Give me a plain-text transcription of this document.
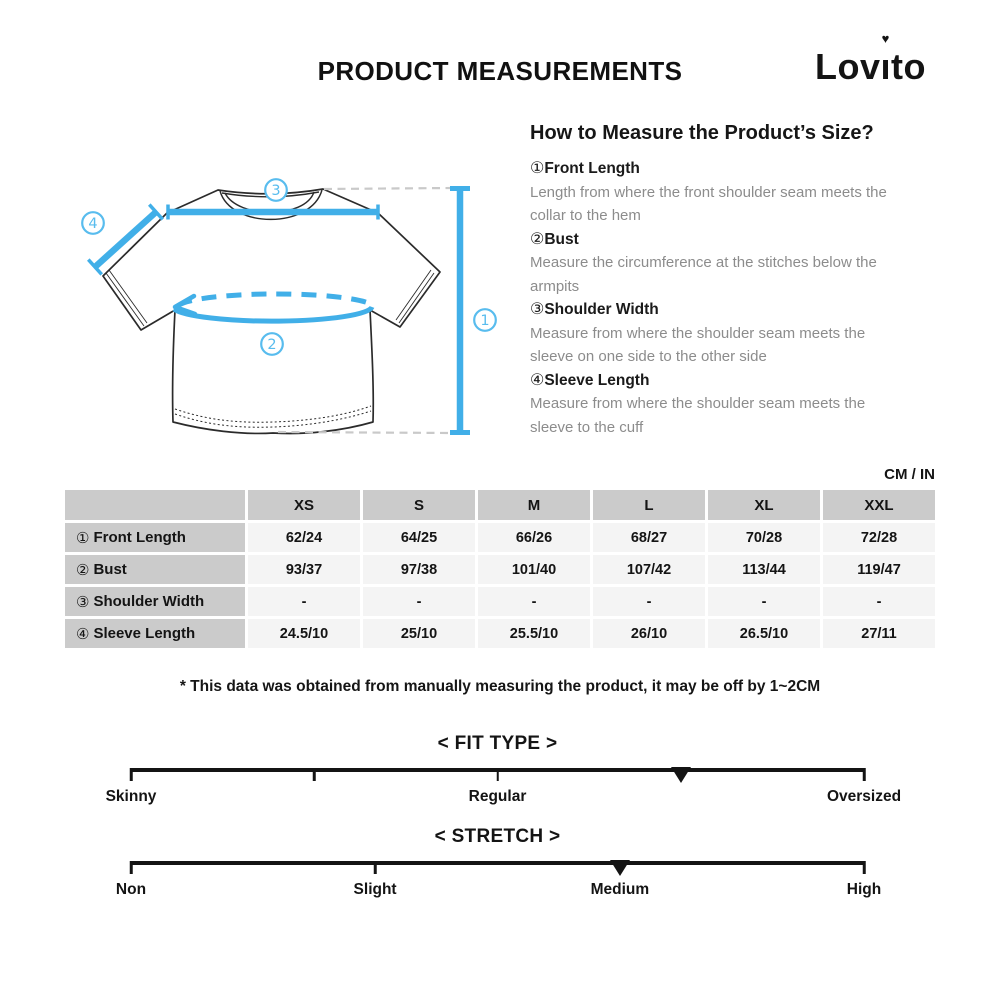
PRODUCT MEASUREMENTS	Lovı
♥
to
1
2
3
4
How to Measure the Product’s Size?
①Front Length
Length from where the front shoulder seam meets the collar to the hem
②Bust
Measure the circumference at the stitches below the armpits
③Shoulder Width
Measure from where the shoulder seam meets the sleeve on one side to the other side
④Sleeve Length
Measure from where the shoulder seam meets the sleeve to the cuff
CM / IN
XS	S	M	L	XL	XXL
① Front Length	62/24	64/25	66/26	68/27	70/28	72/28
② Bust	93/37	97/38	101/40	107/42	113/44	119/47
③ Shoulder Width	-	-	-	-	-	-
④ Sleeve Length	24.5/10	25/10	25.5/10	26/10	26.5/10	27/11
* This data was obtained from manually measuring the product, it may be off by 1~2CM
< FIT TYPE >
Skinny	Regular	Oversized
< STRETCH >
Non	Slight	Medium	High
